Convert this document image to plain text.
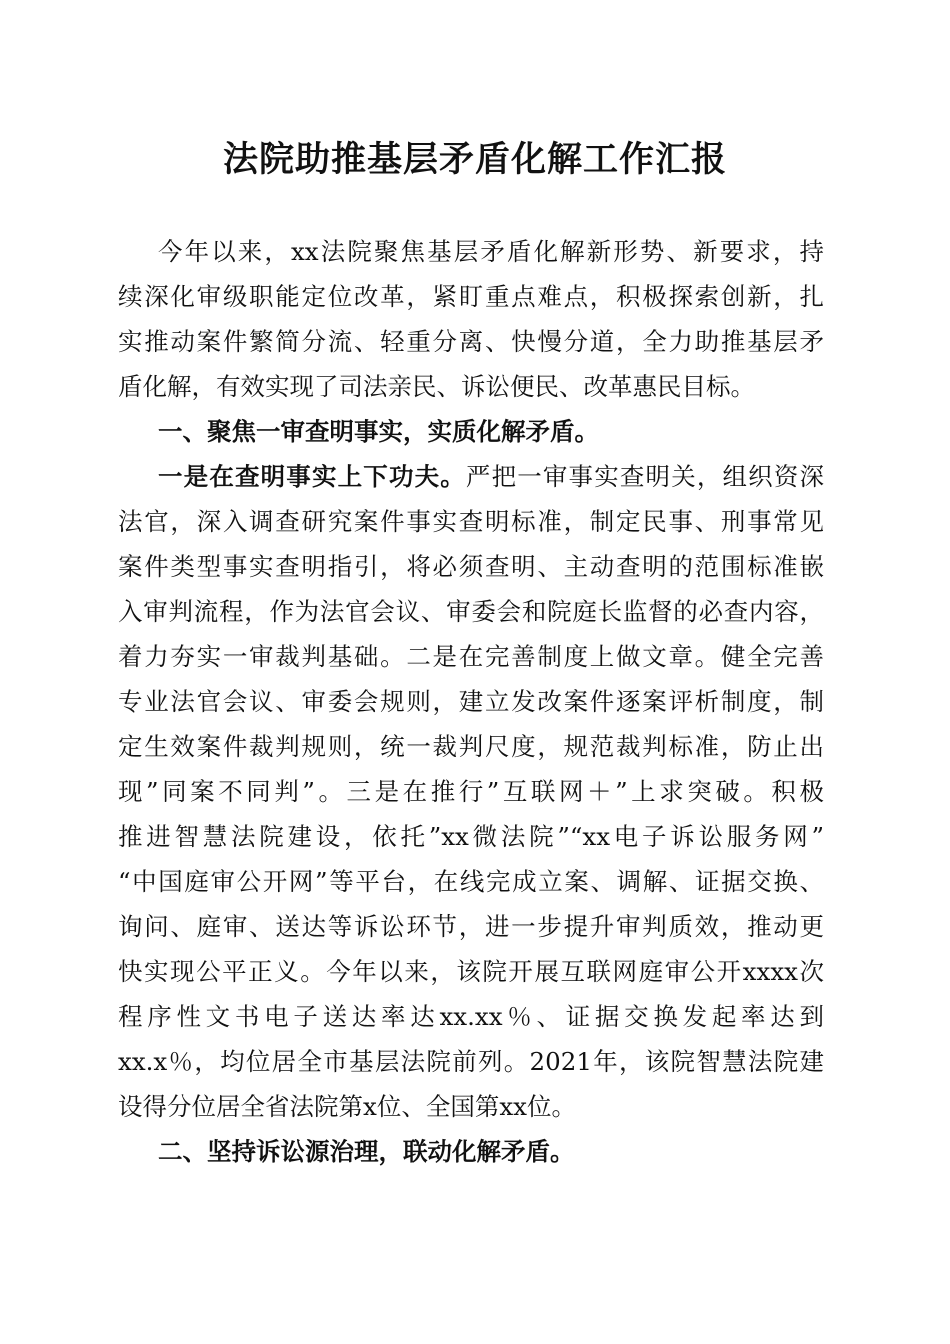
法院助推基层矛盾化解工作汇报
今年以来，xx法院聚焦基层矛盾化解新形势、新要求，持
续深化审级职能定位改革，紧盯重点难点，积极探索创新，扎
实推动案件繁简分流、轻重分离、快慢分道，全力助推基层矛
盾化解，有效实现了司法亲民、诉讼便民、改革惠民目标。
一、聚焦一审查明事实，实质化解矛盾。
一是在查明事实上下功夫。严把一审事实查明关，组织资深
法官，深入调查研究案件事实查明标准，制定民事、刑事常见
案件类型事实查明指引，将必须查明、主动查明的范围标准嵌
入审判流程，作为法官会议、审委会和院庭长监督的必查内容，
着力夯实一审裁判基础。二是在完善制度上做文章。健全完善
专业法官会议、审委会规则，建立发改案件逐案评析制度，制
定生效案件裁判规则，统一裁判尺度，规范裁判标准，防止出
现”同案不同判”。三是在推行”互联网＋”上求突破。积极
推进智慧法院建设，依托”xx微法院”“xx电子诉讼服务网”
“中国庭审公开网”等平台，在线完成立案、调解、证据交换、
询问、庭审、送达等诉讼环节，进一步提升审判质效，推动更
快实现公平正义。今年以来，该院开展互联网庭审公开xxxx次
程序性文书电子送达率达xx.xx％、证据交换发起率达到
xx.x％，均位居全市基层法院前列。2021年，该院智慧法院建
设得分位居全省法院第x位、全国第xx位。
二、坚持诉讼源治理，联动化解矛盾。
